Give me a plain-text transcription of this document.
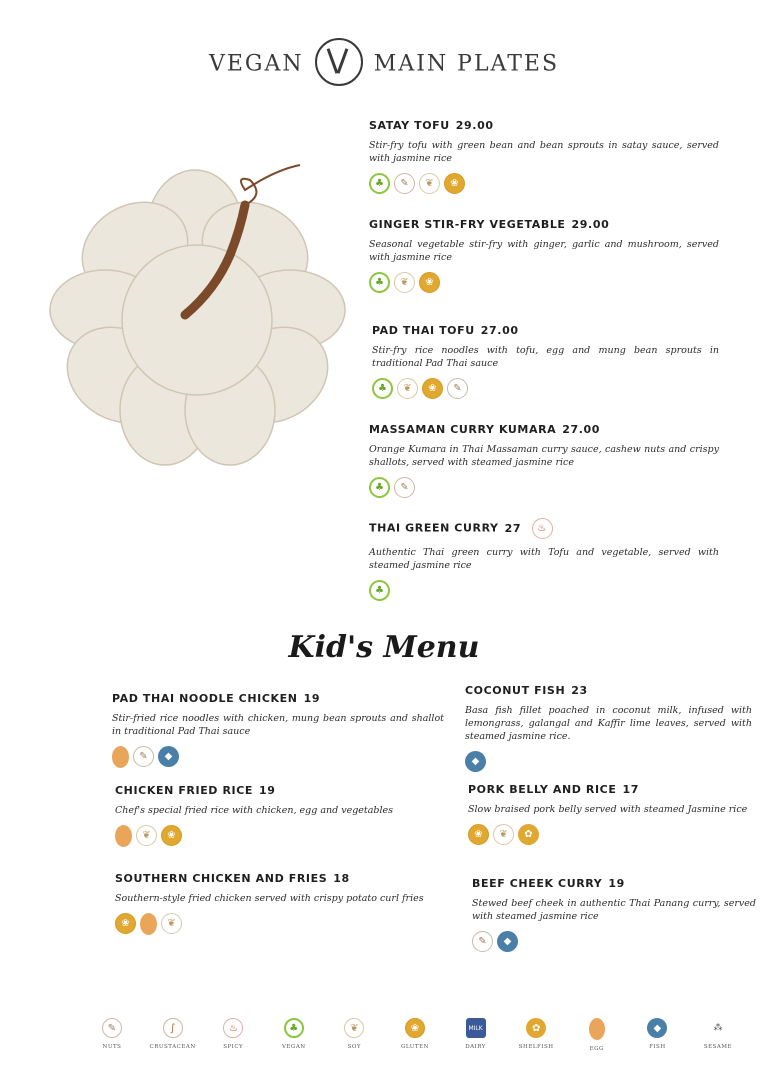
VEGAN	MAIN PLATES
SATAY TOFU 29.00
Stir-fry tofu with green bean and bean sprouts in satay sauce, served with jasmine rice
♣	✎	❦	❀
GINGER STIR-FRY VEGETABLE 29.00
Seasonal vegetable stir-fry with ginger, garlic and mushroom, served with jasmine rice
♣	❦	❀
PAD THAI TOFU 27.00
Stir-fry rice noodles with tofu, egg and mung bean sprouts in traditional Pad Thai sauce
♣	❦	❀	✎
MASSAMAN CURRY KUMARA 27.00
Orange Kumara in Thai Massaman curry sauce, cashew nuts and crispy shallots, served with steamed jasmine rice
♣	✎
THAI GREEN CURRY 27 ♨
Authentic Thai green curry with Tofu and vegetable, served with steamed jasmine rice
♣
Kid's Menu
PAD THAI NOODLE CHICKEN 19
Stir-fried rice noodles with chicken, mung bean sprouts and shallot in traditional Pad Thai sauce
✎	◆
CHICKEN FRIED RICE 19
Chef's special fried rice with chicken, egg and vegetables
❦	❀
SOUTHERN CHICKEN AND FRIES 18
Southern-style fried chicken served with crispy potato curl fries
❀	❦
COCONUT FISH 23
Basa fish fillet poached in coconut milk, infused with lemongrass, galangal and Kaffir lime leaves, served with steamed jasmine rice.
◆
PORK BELLY AND RICE 17
Slow braised pork belly served with steamed Jasmine rice
❀	❦	✿
BEEF CHEEK CURRY 19
Stewed beef cheek in authentic Thai Panang curry, served with steamed jasmine rice
✎	◆
✎
NUTS
∫
CRUSTACEAN
♨
SPICY
♣
VEGAN
❦
SOY
❀
GLUTEN
MILK
DAIRY
✿
SHELFISH	EGG
◆
FISH
⁂
SESAME
